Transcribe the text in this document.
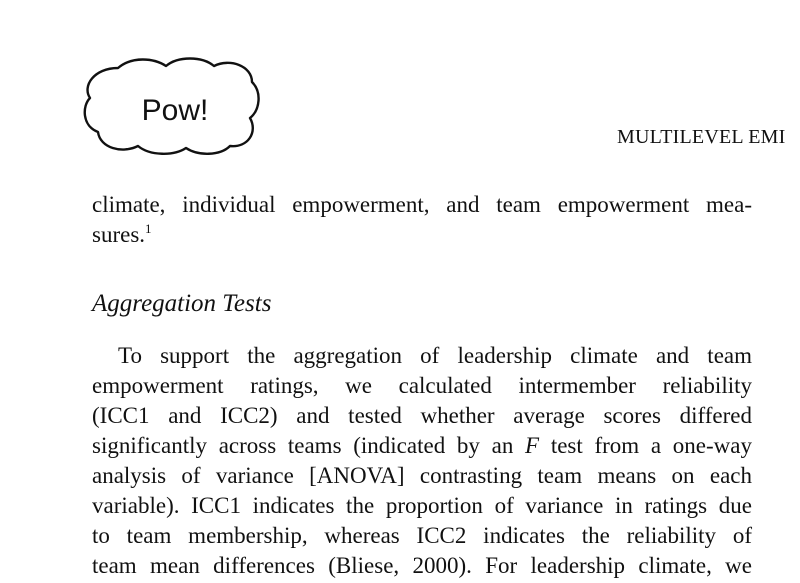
Pow!
MULTILEVEL EMI
climate, individual empowerment, and team empowerment mea-
sures.$^1$
Aggregation Tests
To support the aggregation of leadership climate and team
empowerment ratings, we calculated intermember reliability
(ICC1 and ICC2) and tested whether average scores differed
significantly across teams (indicated by an F test from a one-way
analysis of variance [ANOVA] contrasting team means on each
variable). ICC1 indicates the proportion of variance in ratings due
to team membership, whereas ICC2 indicates the reliability of
team mean differences (Bliese, 2000). For leadership climate, we
